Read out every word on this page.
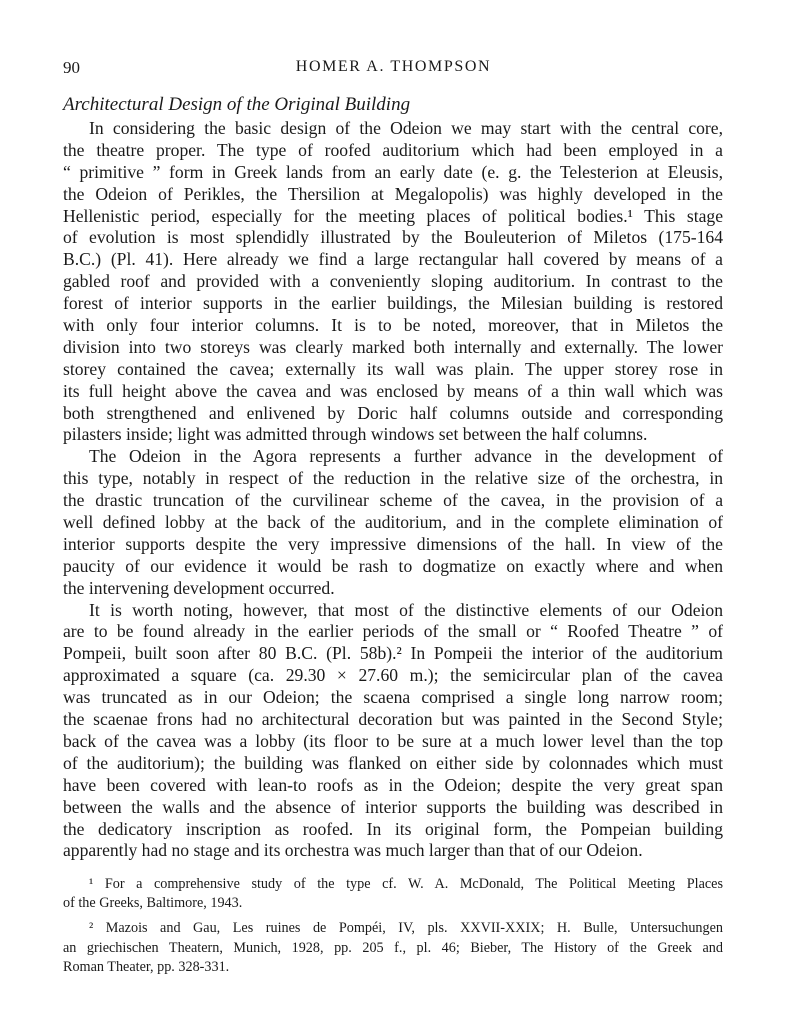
90	HOMER A. THOMPSON
Architectural Design of the Original Building
In considering the basic design of the Odeion we may start with the central core,
the theatre proper. The type of roofed auditorium which had been employed in a
“ primitive ” form in Greek lands from an early date (e. g. the Telesterion at Eleusis,
the Odeion of Perikles, the Thersilion at Megalopolis) was highly developed in the
Hellenistic period, especially for the meeting places of political bodies.¹ This stage
of evolution is most splendidly illustrated by the Bouleuterion of Miletos (175-164
B.C.) (Pl. 41). Here already we find a large rectangular hall covered by means of a
gabled roof and provided with a conveniently sloping auditorium. In contrast to the
forest of interior supports in the earlier buildings, the Milesian building is restored
with only four interior columns. It is to be noted, moreover, that in Miletos the
division into two storeys was clearly marked both internally and externally. The lower
storey contained the cavea; externally its wall was plain. The upper storey rose in
its full height above the cavea and was enclosed by means of a thin wall which was
both strengthened and enlivened by Doric half columns outside and corresponding
pilasters inside; light was admitted through windows set between the half columns.
The Odeion in the Agora represents a further advance in the development of
this type, notably in respect of the reduction in the relative size of the orchestra, in
the drastic truncation of the curvilinear scheme of the cavea, in the provision of a
well defined lobby at the back of the auditorium, and in the complete elimination of
interior supports despite the very impressive dimensions of the hall. In view of the
paucity of our evidence it would be rash to dogmatize on exactly where and when
the intervening development occurred.
It is worth noting, however, that most of the distinctive elements of our Odeion
are to be found already in the earlier periods of the small or “ Roofed Theatre ” of
Pompeii, built soon after 80 B.C. (Pl. 58b).² In Pompeii the interior of the auditorium
approximated a square (ca. 29.30 × 27.60 m.); the semicircular plan of the cavea
was truncated as in our Odeion; the scaena comprised a single long narrow room;
the scaenae frons had no architectural decoration but was painted in the Second Style;
back of the cavea was a lobby (its floor to be sure at a much lower level than the top
of the auditorium); the building was flanked on either side by colonnades which must
have been covered with lean-to roofs as in the Odeion; despite the very great span
between the walls and the absence of interior supports the building was described in
the dedicatory inscription as roofed. In its original form, the Pompeian building
apparently had no stage and its orchestra was much larger than that of our Odeion.
¹ For a comprehensive study of the type cf. W. A. McDonald, The Political Meeting Places
of the Greeks, Baltimore, 1943.
² Mazois and Gau, Les ruines de Pompéi, IV, pls. XXVII-XXIX; H. Bulle, Untersuchungen
an griechischen Theatern, Munich, 1928, pp. 205 f., pl. 46; Bieber, The History of the Greek and
Roman Theater, pp. 328-331.
